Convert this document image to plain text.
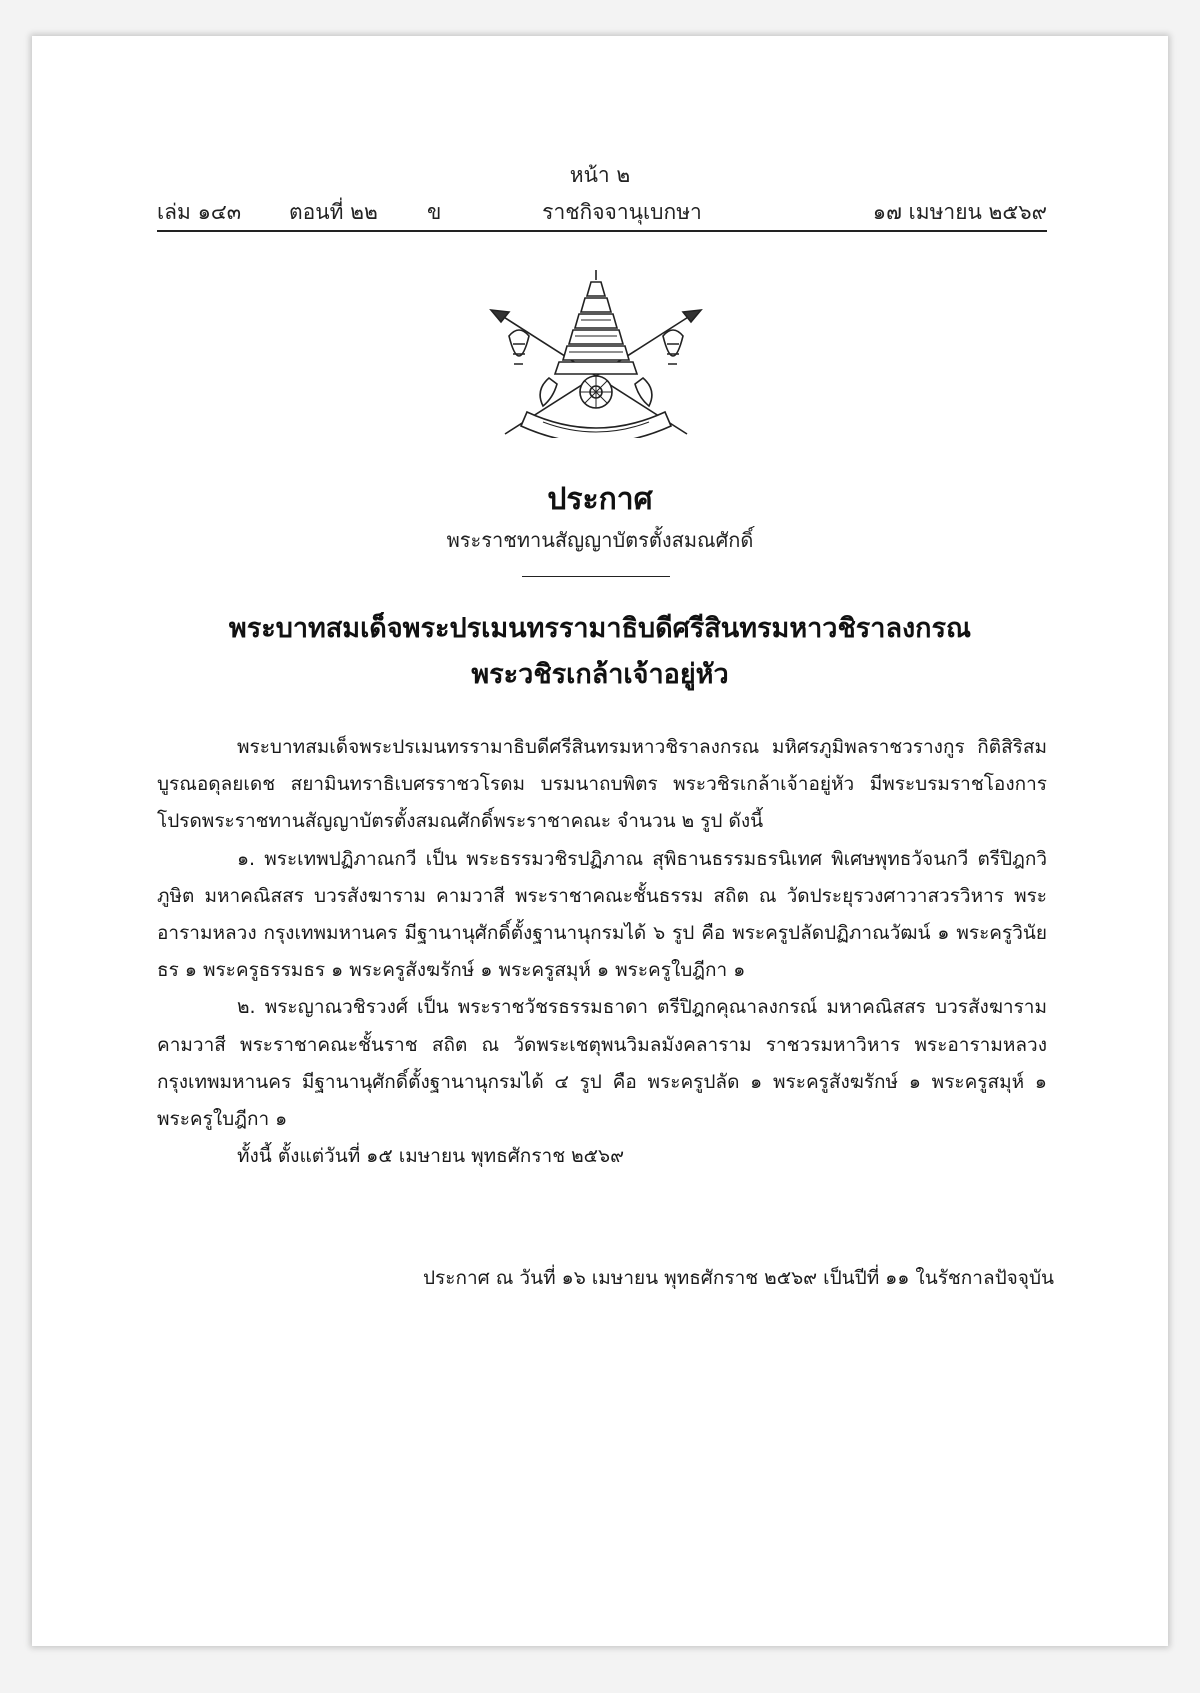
หน้า ๒
เล่ม ๑๔๓ ตอนที่ ๒๒ ข	ราชกิจจานุเบกษา	๑๗ เมษายน ๒๕๖๙
ประกาศ
พระราชทานสัญญาบัตรตั้งสมณศักดิ์
พระบาทสมเด็จพระปรเมนทรรามาธิบดีศรีสินทรมหาวชิราลงกรณ
พระวชิรเกล้าเจ้าอยู่หัว

พระบาทสมเด็จพระปรเมนทรรามาธิบดีศรีสินทรมหาวชิราลงกรณ มหิศรภูมิพลราชวรางกูร กิติสิริสมบูรณอดุลยเดช สยามินทราธิเบศรราชวโรดม บรมนาถบพิตร พระวชิรเกล้าเจ้าอยู่หัว มีพระบรมราชโองการโปรดพระราชทานสัญญาบัตรตั้งสมณศักดิ์พระราชาคณะ จำนวน ๒ รูป ดังนี้

๑. พระเทพปฏิภาณกวี เป็น พระธรรมวชิรปฏิภาณ สุพิธานธรรมธรนิเทศ พิเศษพุทธวัจนกวี ตรีปิฎกวิภูษิต มหาคณิสสร บวรสังฆาราม คามวาสี พระราชาคณะชั้นธรรม สถิต ณ วัดประยุรวงศาวาสวรวิหาร พระอารามหลวง กรุงเทพมหานคร มีฐานานุศักดิ์ตั้งฐานานุกรมได้ ๖ รูป คือ พระครูปลัดปฏิภาณวัฒน์ ๑ พระครูวินัยธร ๑ พระครูธรรมธร ๑ พระครูสังฆรักษ์ ๑ พระครูสมุห์ ๑ พระครูใบฎีกา ๑

๒. พระญาณวชิรวงศ์ เป็น พระราชวัชรธรรมธาดา ตรีปิฎกคุณาลงกรณ์ มหาคณิสสร บวรสังฆาราม คามวาสี พระราชาคณะชั้นราช สถิต ณ วัดพระเชตุพนวิมลมังคลาราม ราชวรมหาวิหาร พระอารามหลวง กรุงเทพมหานคร มีฐานานุศักดิ์ตั้งฐานานุกรมได้ ๔ รูป คือ พระครูปลัด ๑ พระครูสังฆรักษ์ ๑ พระครูสมุห์ ๑ พระครูใบฎีกา ๑

ทั้งนี้ ตั้งแต่วันที่ ๑๕ เมษายน พุทธศักราช ๒๕๖๙

ประกาศ ณ วันที่ ๑๖ เมษายน พุทธศักราช ๒๕๖๙ เป็นปีที่ ๑๑ ในรัชกาลปัจจุบัน
